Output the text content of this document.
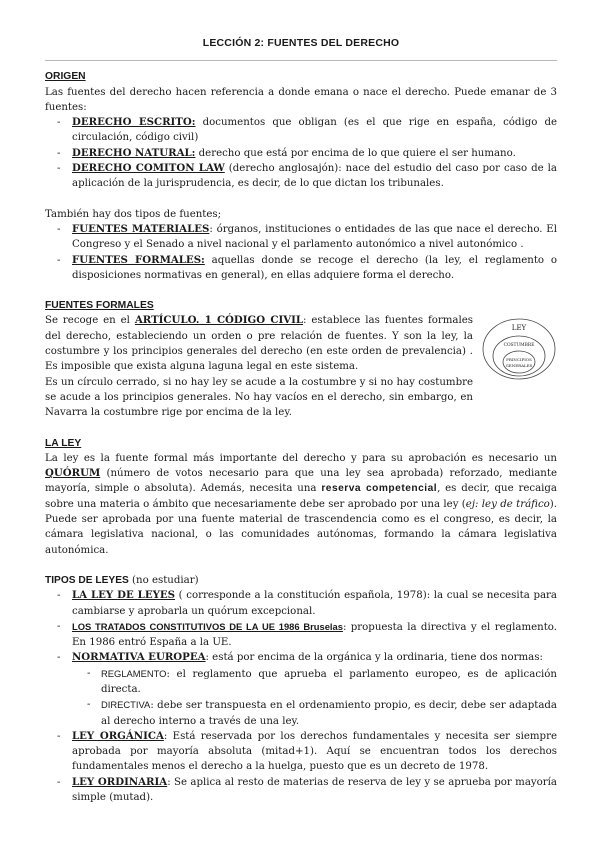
LECCIÓN 2: FUENTES DEL DERECHO
ORIGEN
Las fuentes del derecho hacen referencia a donde emana o nace el derecho. Puede emanar de 3 fuentes:
- DERECHO ESCRITO: documentos que obligan (es el que rige en españa, código de circulación, código civil)
- DERECHO NATURAL: derecho que está por encima de lo que quiere el ser humano.
- DERECHO COMITON LAW (derecho anglosajón): nace del estudio del caso por caso de la aplicación de la jurisprudencia, es decir, de lo que dictan los tribunales.
También hay dos tipos de fuentes;
- FUENTES MATERIALES: órganos, instituciones o entidades de las que nace el derecho. El Congreso y el Senado a nivel nacional y el parlamento autonómico a nivel autonómico .
- FUENTES FORMALES: aquellas donde se recoge el derecho (la ley, el reglamento o disposiciones normativas en general), en ellas adquiere forma el derecho.
FUENTES FORMALES
Se recoge en el ARTÍCULO. 1 CÓDIGO CIVIL: establece las fuentes formales del derecho, estableciendo un orden o pre relación de fuentes. Y son la ley, la costumbre y los principios generales del derecho (en este orden de prevalencia) . Es imposible que exista alguna laguna legal en este sistema.
Es un círculo cerrado, si no hay ley se acude a la costumbre y si no hay costumbre se acude a los principios generales. No hay vacíos en el derecho, sin embargo, en Navarra la costumbre rige por encima de la ley.
LEY
COSTUMBRE
PRINCIPIOS
GENERALES
LA LEY
La ley es la fuente formal más importante del derecho y para su aprobación es necesario un QUÓRUM (número de votos necesario para que una ley sea aprobada) reforzado, mediante mayoría, simple o absoluta). Además, necesita una reserva competencial, es decir, que recaiga sobre una materia o ámbito que necesariamente debe ser aprobado por una ley (ej: ley de tráfico). Puede ser aprobada por una fuente material de trascendencia como es el congreso, es decir, la cámara legislativa nacional, o las comunidades autónomas, formando la cámara legislativa autonómica.
TIPOS DE LEYES (no estudiar)
- LA LEY DE LEYES ( corresponde a la constitución española, 1978): la cual se necesita para cambiarse y aprobarla un quórum excepcional.
- LOS TRATADOS CONSTITUTIVOS DE LA UE 1986 Bruselas: propuesta la directiva y el reglamento. En 1986 entró España a la UE.
- NORMATIVA EUROPEA: está por encima de la orgánica y la ordinaria, tiene dos normas:
- REGLAMENTO: el reglamento que aprueba el parlamento europeo, es de aplicación directa.
- DIRECTIVA: debe ser transpuesta en el ordenamiento propio, es decir, debe ser adaptada al derecho interno a través de una ley.
- LEY ORGÁNICA: Está reservada por los derechos fundamentales y necesita ser siempre aprobada por mayoría absoluta (mitad+1). Aquí se encuentran todos los derechos fundamentales menos el derecho a la huelga, puesto que es un decreto de 1978.
- LEY ORDINARIA: Se aplica al resto de materias de reserva de ley y se aprueba por mayoría simple (mutad).
